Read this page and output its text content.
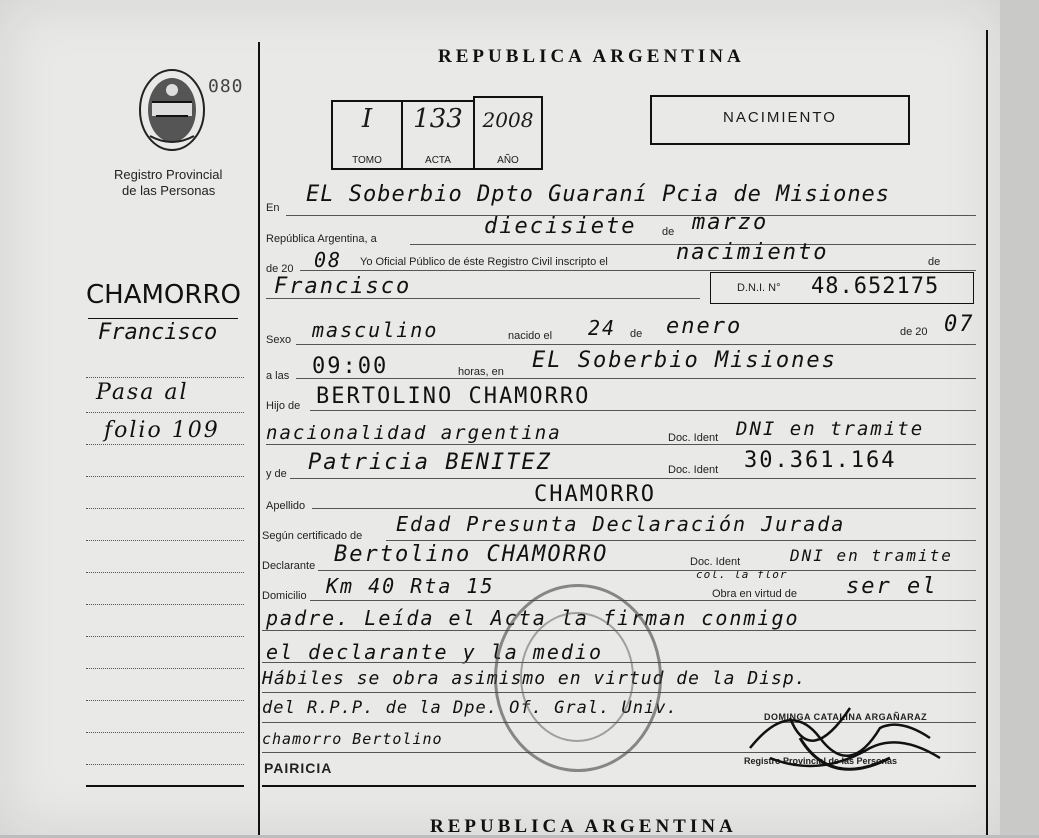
REPUBLICA ARGENTINA
080
Registro Provincial
de las Personas
I
TOMO
133
ACTA
2008
AÑO
NACIMIENTO
CHAMORRO
Francisco
Pasa al
folio 109
En
EL Soberbio Dpto Guaraní Pcia de Misiones
República Argentina, a	diecisiete de marzo
de 20 08 Yo Oficial Público de éste Registro Civil inscripto el	nacimiento	de
Francisco	D.N.I. N° 48.652175
Sexo masculino	nacido el 24 de enero	de 20 07
a las 09:00	horas, en EL Soberbio Misiones
Hijo de BERTOLINO CHAMORRO
nacionalidad argentina	Doc. Ident DNI en tramite
y de Patricia BENITEZ	Doc. Ident 30.361.164
Apellido	CHAMORRO
Según certificado de Edad Presunta Declaración Jurada
Declarante Bertolino CHAMORRO	Doc. Ident	DNI en tramite
col. la flor
Domicilio Km 40 Rta 15	Obra en virtud de ser el
padre. Leída el Acta la firman conmigo
el declarante y la medio
Hábiles se obra asimismo en virtud de la Disp.
del R.P.P. de la Dpe. Of. Gral. Univ.
chamorro Bertolino
PAIRICIA
DOMINGA CATALINA ARGAÑARAZ
Registro Provincial de las Personas
REPUBLICA ARGENTINA
